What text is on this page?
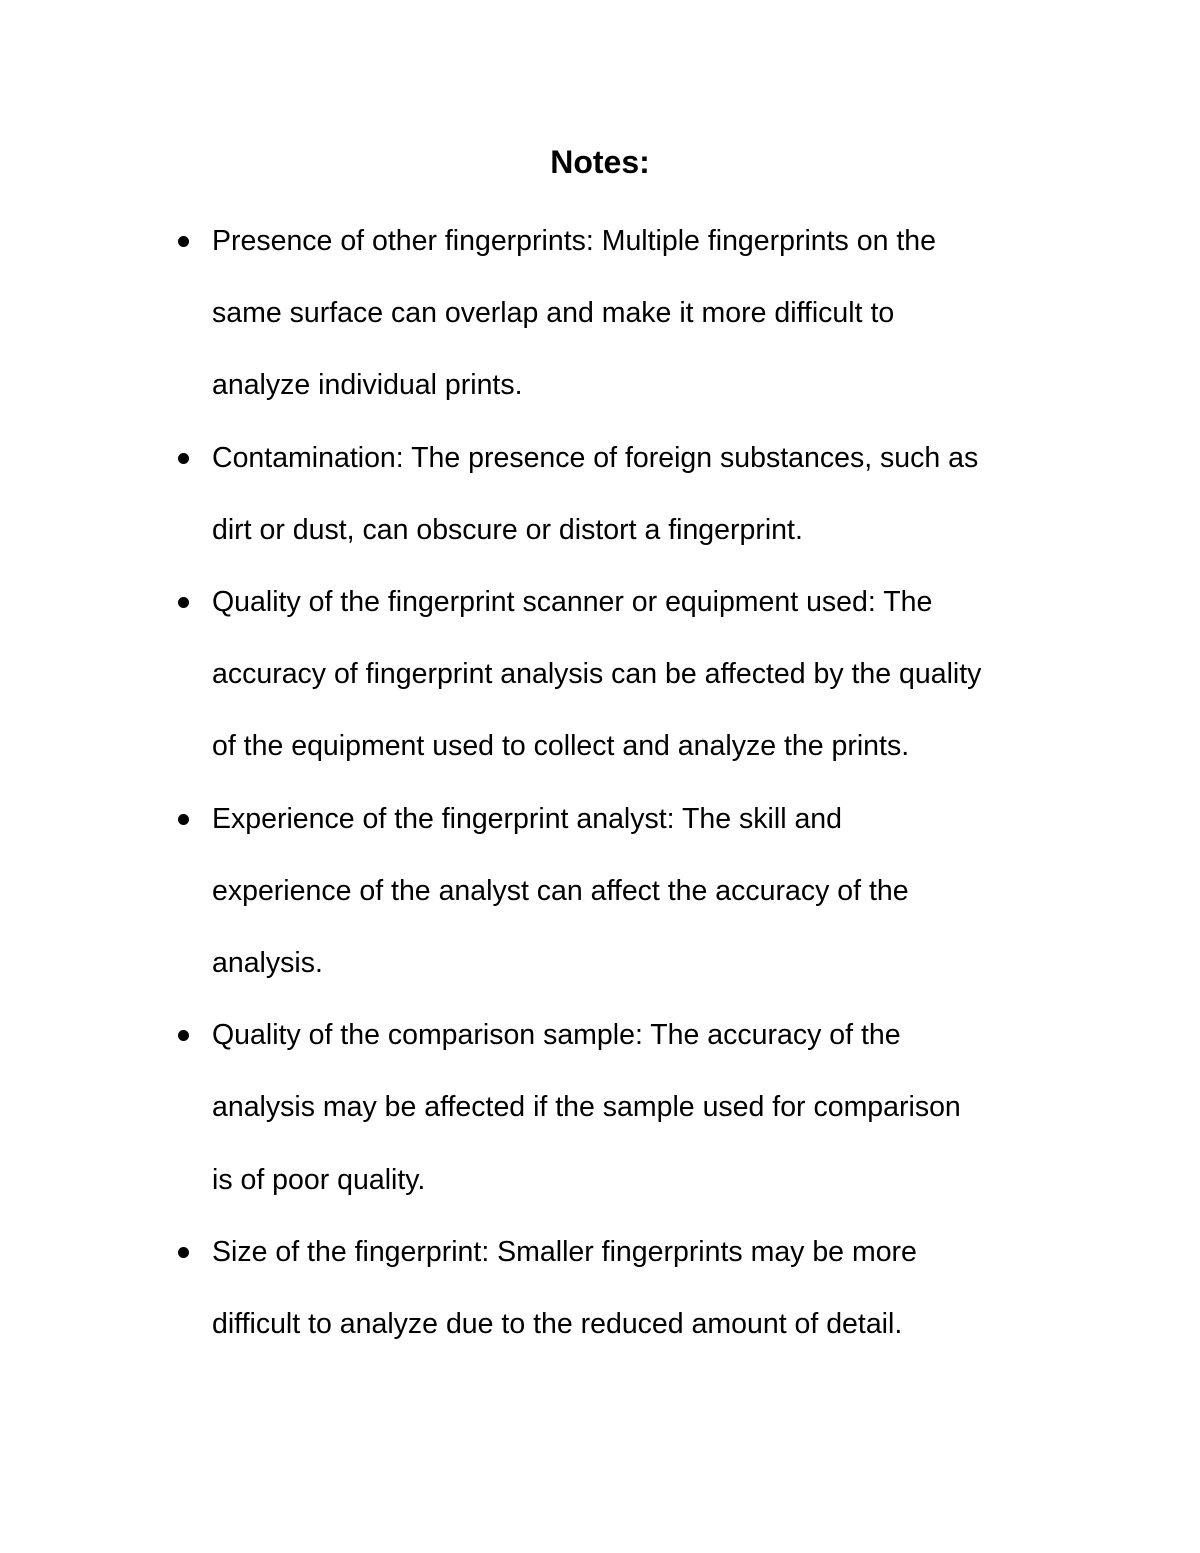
Notes:
Presence of other fingerprints: Multiple fingerprints on the
same surface can overlap and make it more difficult to
analyze individual prints.
Contamination: The presence of foreign substances, such as
dirt or dust, can obscure or distort a fingerprint.
Quality of the fingerprint scanner or equipment used: The
accuracy of fingerprint analysis can be affected by the quality
of the equipment used to collect and analyze the prints.
Experience of the fingerprint analyst: The skill and
experience of the analyst can affect the accuracy of the
analysis.
Quality of the comparison sample: The accuracy of the
analysis may be affected if the sample used for comparison
is of poor quality.
Size of the fingerprint: Smaller fingerprints may be more
difficult to analyze due to the reduced amount of detail.
